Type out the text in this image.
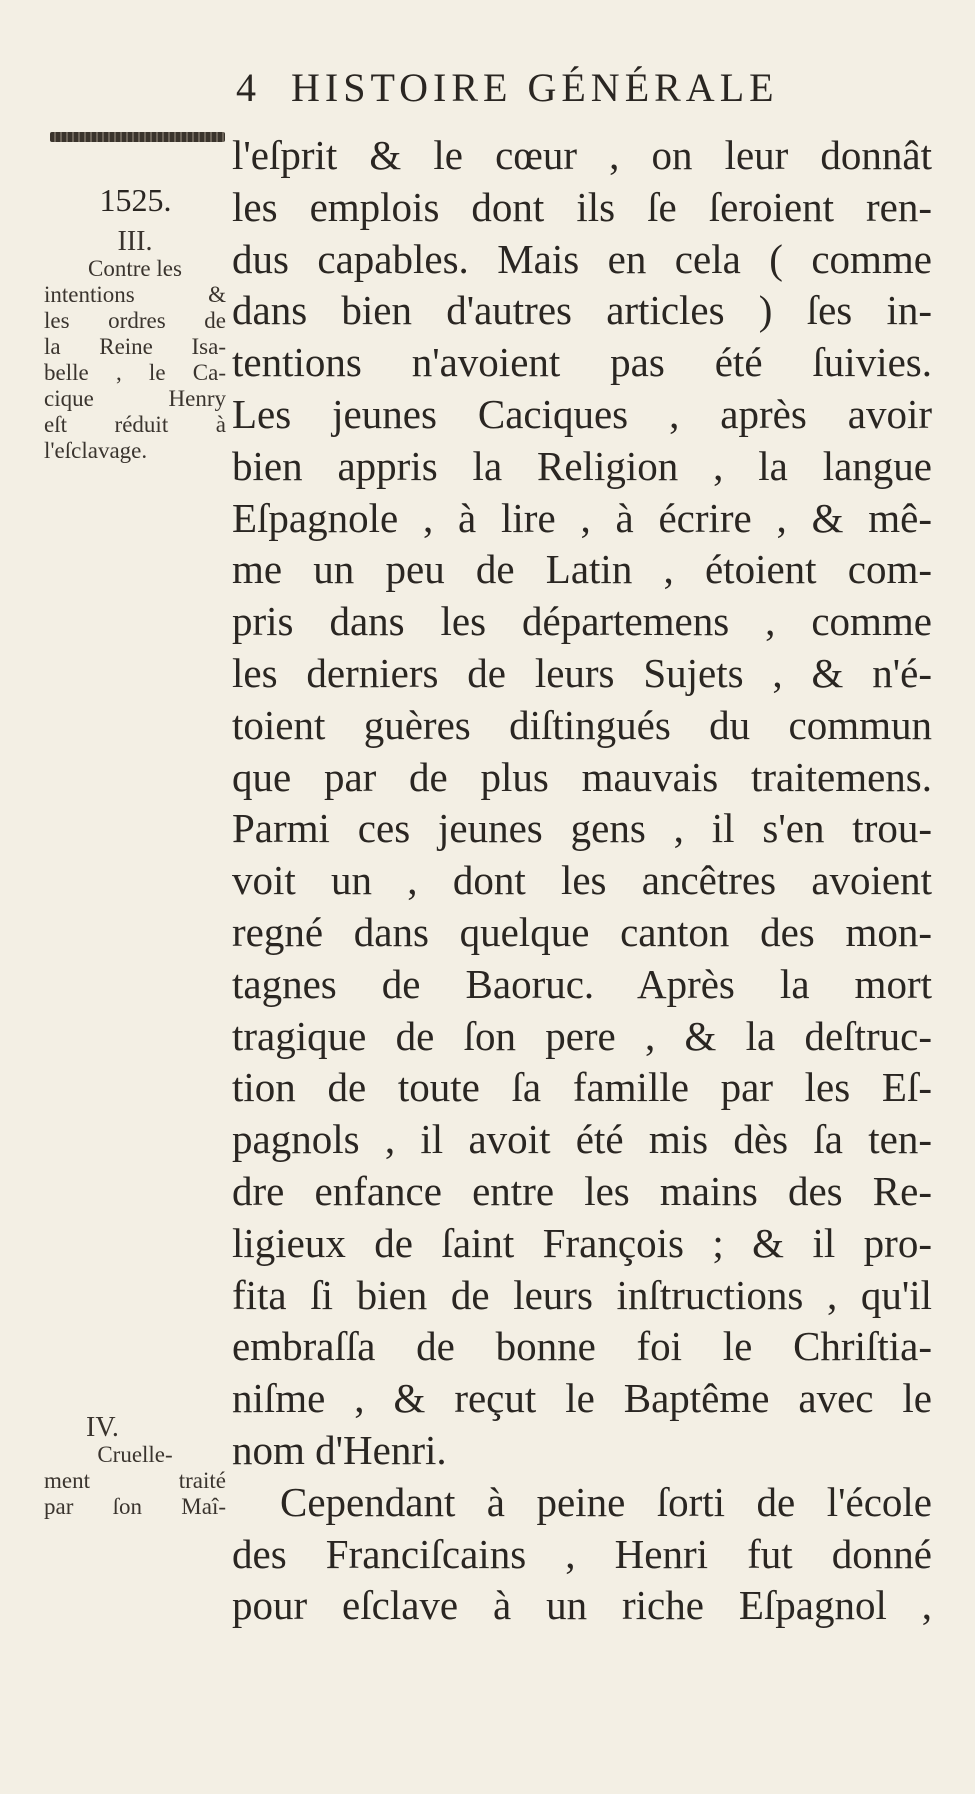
4 HISTOIRE GÉNÉRALE
1525.
III.
Contre les
intentions &
les ordres de
la Reine Isa-
belle , le Ca-
cique Henry
eſt réduit à
l'eſclavage.
IV.
Cruelle-
ment traité
par ſon Maî-
l'eſprit & le cœur , on leur donnât
les emplois dont ils ſe ſeroient ren-
dus capables. Mais en cela ( comme
dans bien d'autres articles ) ſes in-
tentions n'avoient pas été ſuivies.
Les jeunes Caciques , après avoir
bien appris la Religion , la langue
Eſpagnole , à lire , à écrire , & mê-
me un peu de Latin , étoient com-
pris dans les départemens , comme
les derniers de leurs Sujets , & n'é-
toient guères diſtingués du commun
que par de plus mauvais traitemens.
Parmi ces jeunes gens , il s'en trou-
voit un , dont les ancêtres avoient
regné dans quelque canton des mon-
tagnes de Baoruc. Après la mort
tragique de ſon pere , & la deſtruc-
tion de toute ſa famille par les Eſ-
pagnols , il avoit été mis dès ſa ten-
dre enfance entre les mains des Re-
ligieux de ſaint François ; & il pro-
fita ſi bien de leurs inſtructions , qu'il
embraſſa de bonne foi le Chriſtia-
niſme , & reçut le Baptême avec le
nom d'Henri.
Cependant à peine ſorti de l'école
des Franciſcains , Henri fut donné
pour eſclave à un riche Eſpagnol ,
